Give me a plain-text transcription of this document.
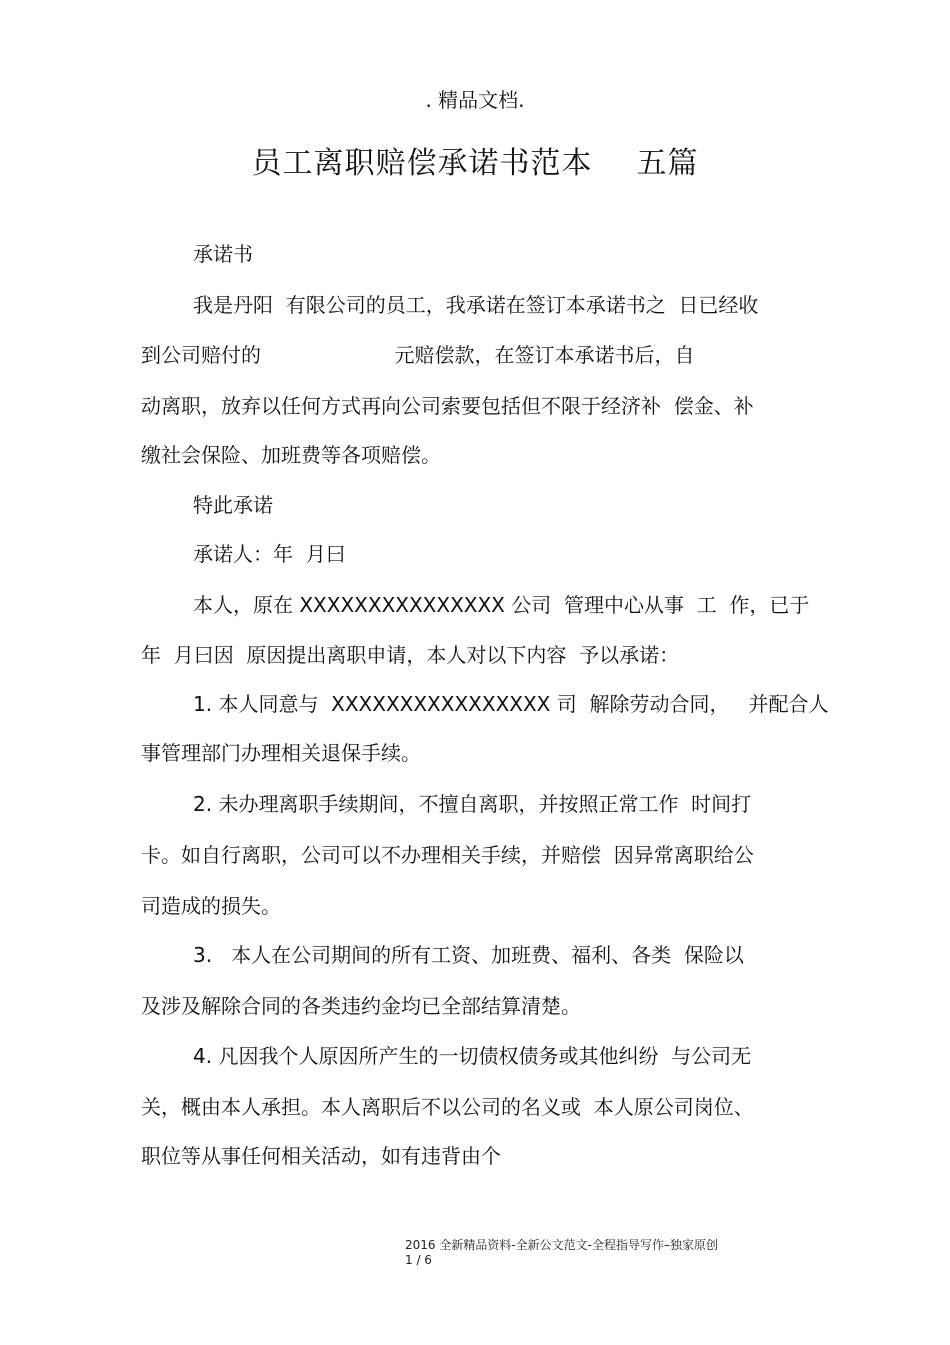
. 精品文档.
员工离职赔偿承诺书范本 五篇
承诺书
我是丹阳  有限公司的员工，我承诺在签订本承诺书之  日已经收
到公司赔付的                     元赔偿款，在签订本承诺书后，自
动离职，放弃以任何方式再向公司索要包括但不限于经济补  偿金、补
缴社会保险、加班费等各项赔偿。
特此承诺
承诺人：年  月曰
本人，原在 XXXXXXXXXXXXXXX 公司  管理中心从事  工  作，已于
年  月曰因  原因提出离职申请，本人对以下内容  予以承诺：
1. 本人同意与  XXXXXXXXXXXXXXXX 司  解除劳动合同，   并配合人
事管理部门办理相关退保手续。
2. 未办理离职手续期间，不擅自离职，并按照正常工作  时间打
卡。如自行离职，公司可以不办理相关手续，并赔偿  因异常离职给公
司造成的损失。
3.   本人在公司期间的所有工资、加班费、福利、各类  保险以
及涉及解除合同的各类违约金均已全部结算清楚。
4. 凡因我个人原因所产生的一切债权债务或其他纠纷  与公司无
关，概由本人承担。本人离职后不以公司的名义或  本人原公司岗位、
职位等从事任何相关活动，如有违背由个
2016 全新精品资料-全新公文范文-全程指导写作–独家原创
1 / 6
